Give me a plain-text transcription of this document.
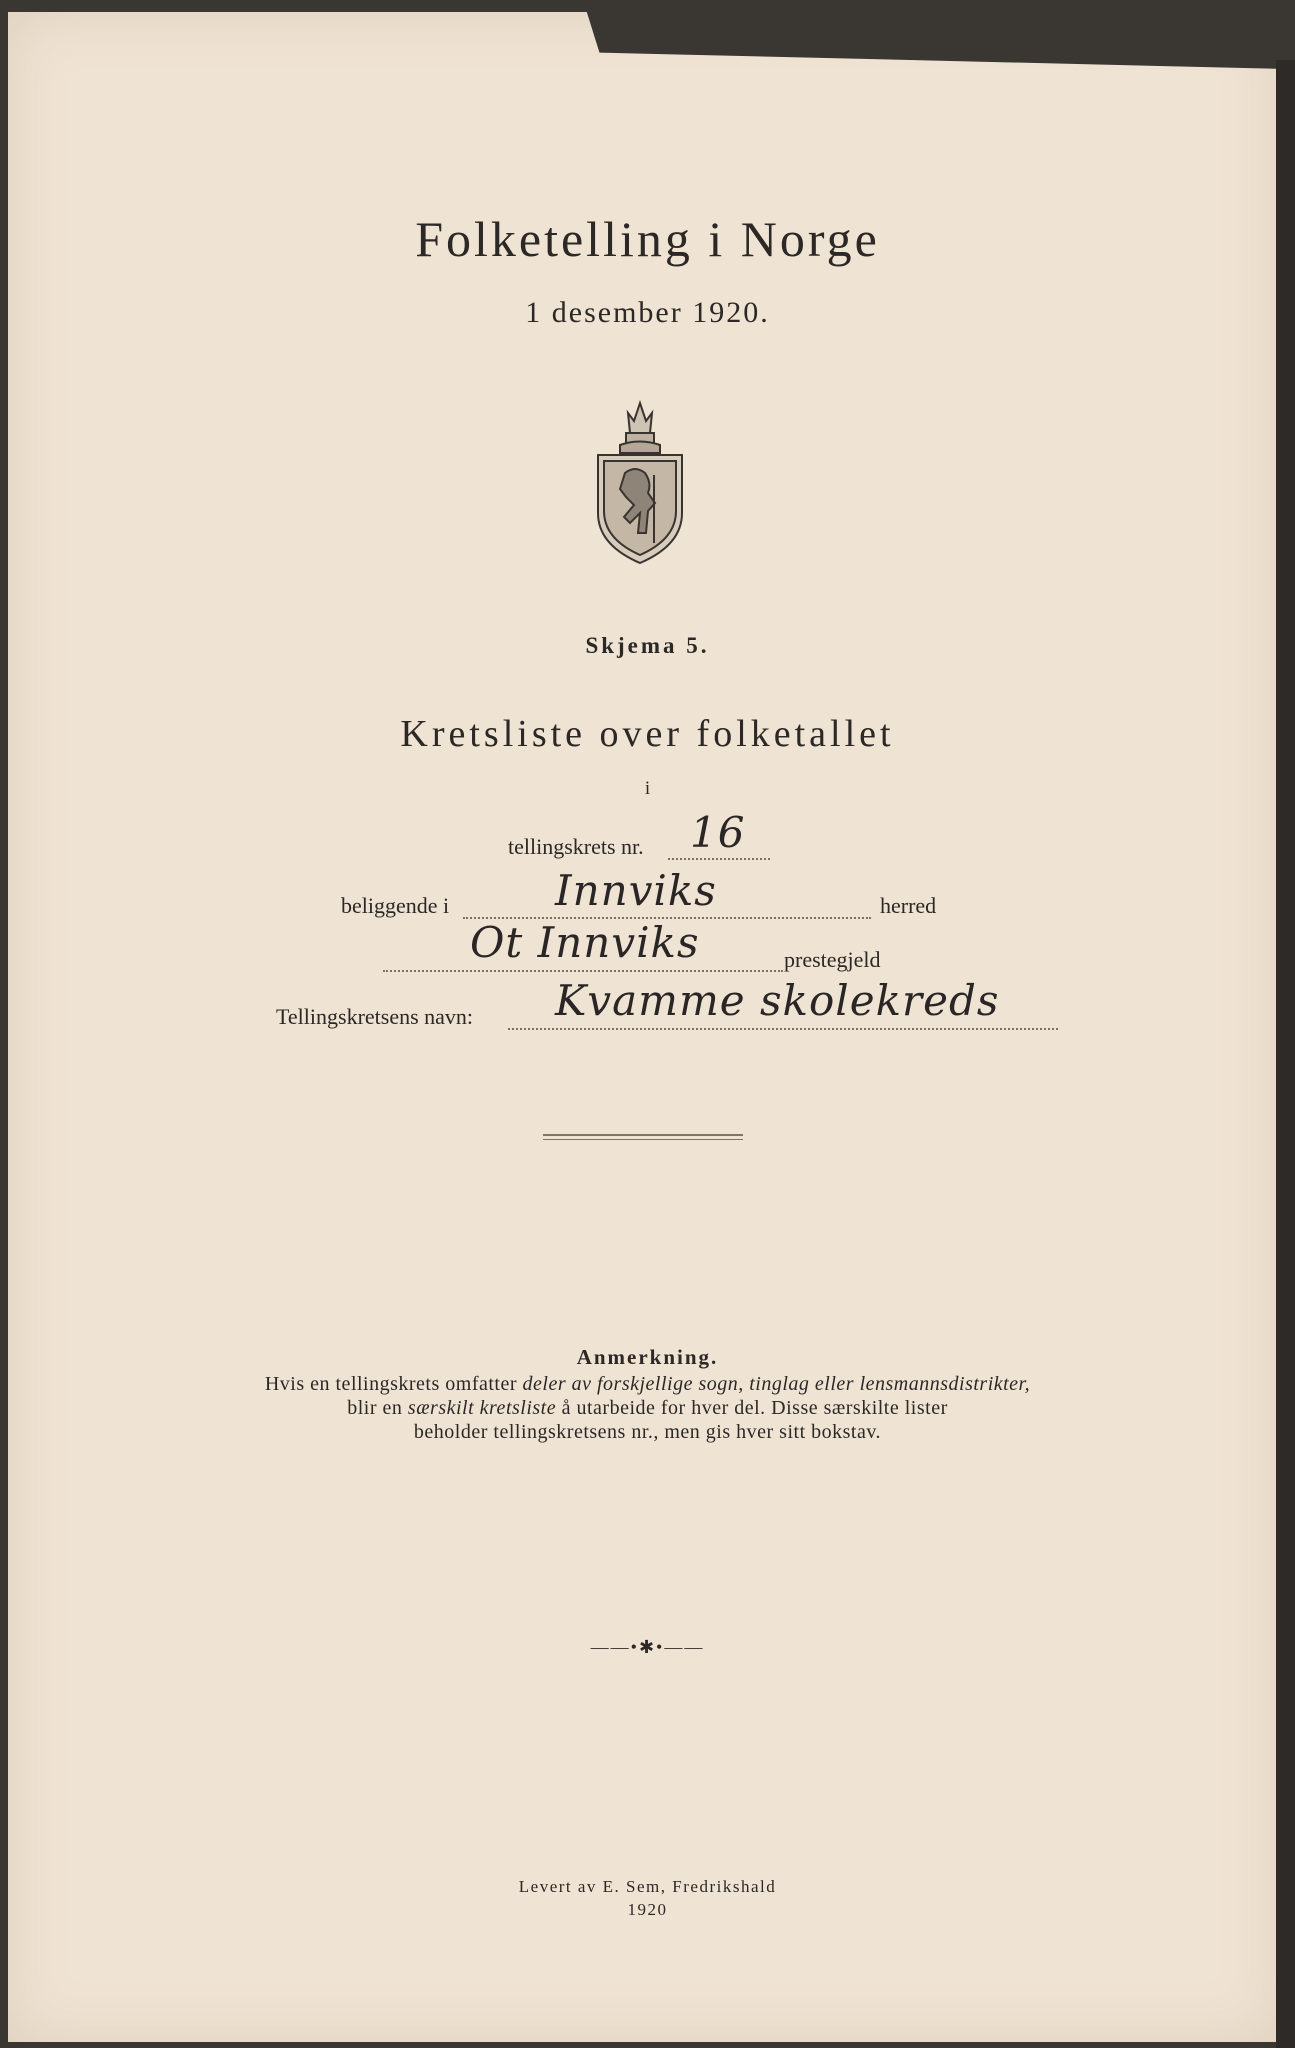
Folketelling i Norge
1 desember 1920.
Skjema 5.
Kretsliste over folketallet
i
tellingskrets nr. 16
beliggende i	Innviks	herred
Ot Innviks	prestegjeld
Tellingskretsens navn: Kvamme skolekreds
Anmerkning.
Hvis en tellingskrets omfatter deler av forskjellige sogn, tinglag eller lensmannsdistrikter,
blir en særskilt kretsliste å utarbeide for hver del. Disse særskilte lister
beholder tellingskretsens nr., men gis hver sitt bokstav.
——•✱•——
Levert av E. Sem, Fredrikshald
1920
